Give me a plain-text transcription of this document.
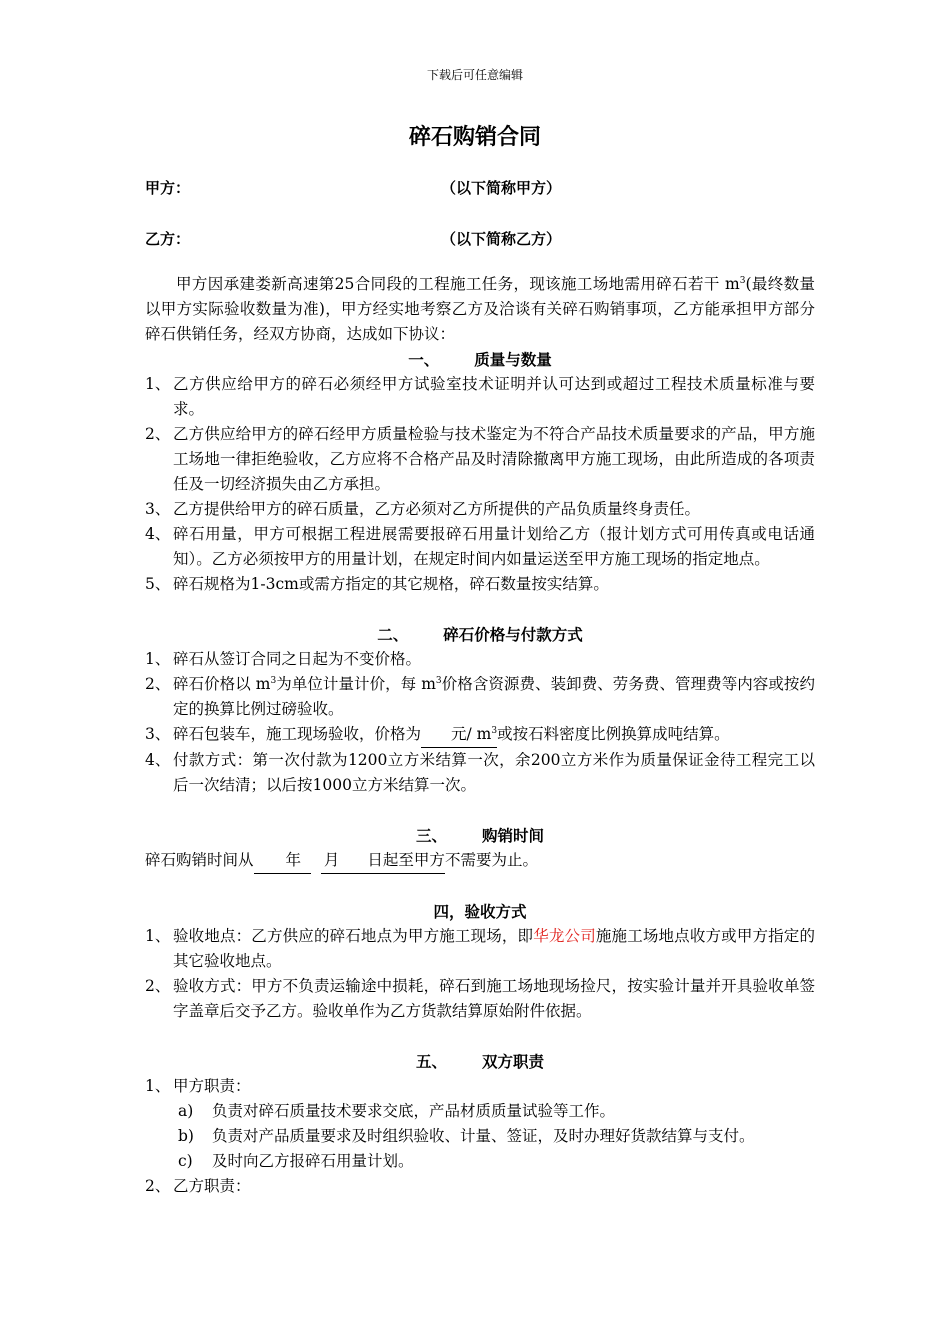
下载后可任意编辑
碎石购销合同
甲方：	（以下简称甲方）
乙方：	（以下简称乙方）

甲方因承建娄新高速第25合同段的工程施工任务，现该施工场地需用碎石若干 $m^3$(最终数量以甲方实际验收数量为准)，甲方经实地考察乙方及洽谈有关碎石购销事项，乙方能承担甲方部分碎石供销任务，经双方协商，达成如下协议：

一、 质量与数量

1、 乙方供应给甲方的碎石必须经甲方试验室技术证明并认可达到或超过工程技术质量标准与要求。

2、 乙方供应给甲方的碎石经甲方质量检验与技术鉴定为不符合产品技术质量要求的产品，甲方施工场地一律拒绝验收，乙方应将不合格产品及时清除撤离甲方施工现场，由此所造成的各项责任及一切经济损失由乙方承担。

3、 乙方提供给甲方的碎石质量，乙方必须对乙方所提供的产品负质量终身责任。

4、 碎石用量，甲方可根据工程进展需要报碎石用量计划给乙方（报计划方式可用传真或电话通知）。乙方必须按甲方的用量计划，在规定时间内如量运送至甲方施工现场的指定地点。

5、 碎石规格为1-3cm或需方指定的其它规格，碎石数量按实结算。

二、 碎石价格与付款方式

1、 碎石从签订合同之日起为不变价格。

2、 碎石价格以 $m^3$为单位计量计价，每 $m^3$价格含资源费、装卸费、劳务费、管理费等内容或按约定的换算比例过磅验收。

3、 碎石包装车，施工现场验收，价格为 元/ $m^3$或按石料密度比例换算成吨结算。

4、 付款方式：第一次付款为1200立方米结算一次，余200立方米作为质量保证金待工程完工以后一次结清；以后按1000立方米结算一次。

三、 购销时间

碎石购销时间从 年 月 日起至甲方不需要为止。

四，验收方式

1、 验收地点：乙方供应的碎石地点为甲方施工现场，即华龙公司施施工场地点收方或甲方指定的其它验收地点。

2、 验收方式：甲方不负责运输途中损耗，碎石到施工场地现场捡尺，按实验计量并开具验收单签字盖章后交予乙方。验收单作为乙方货款结算原始附件依据。

五、 双方职责

1、 甲方职责：

a)	负责对碎石质量技术要求交底，产品材质质量试验等工作。

b)	负责对产品质量要求及时组织验收、计量、签证，及时办理好货款结算与支付。

c)	及时向乙方报碎石用量计划。

2、 乙方职责：
